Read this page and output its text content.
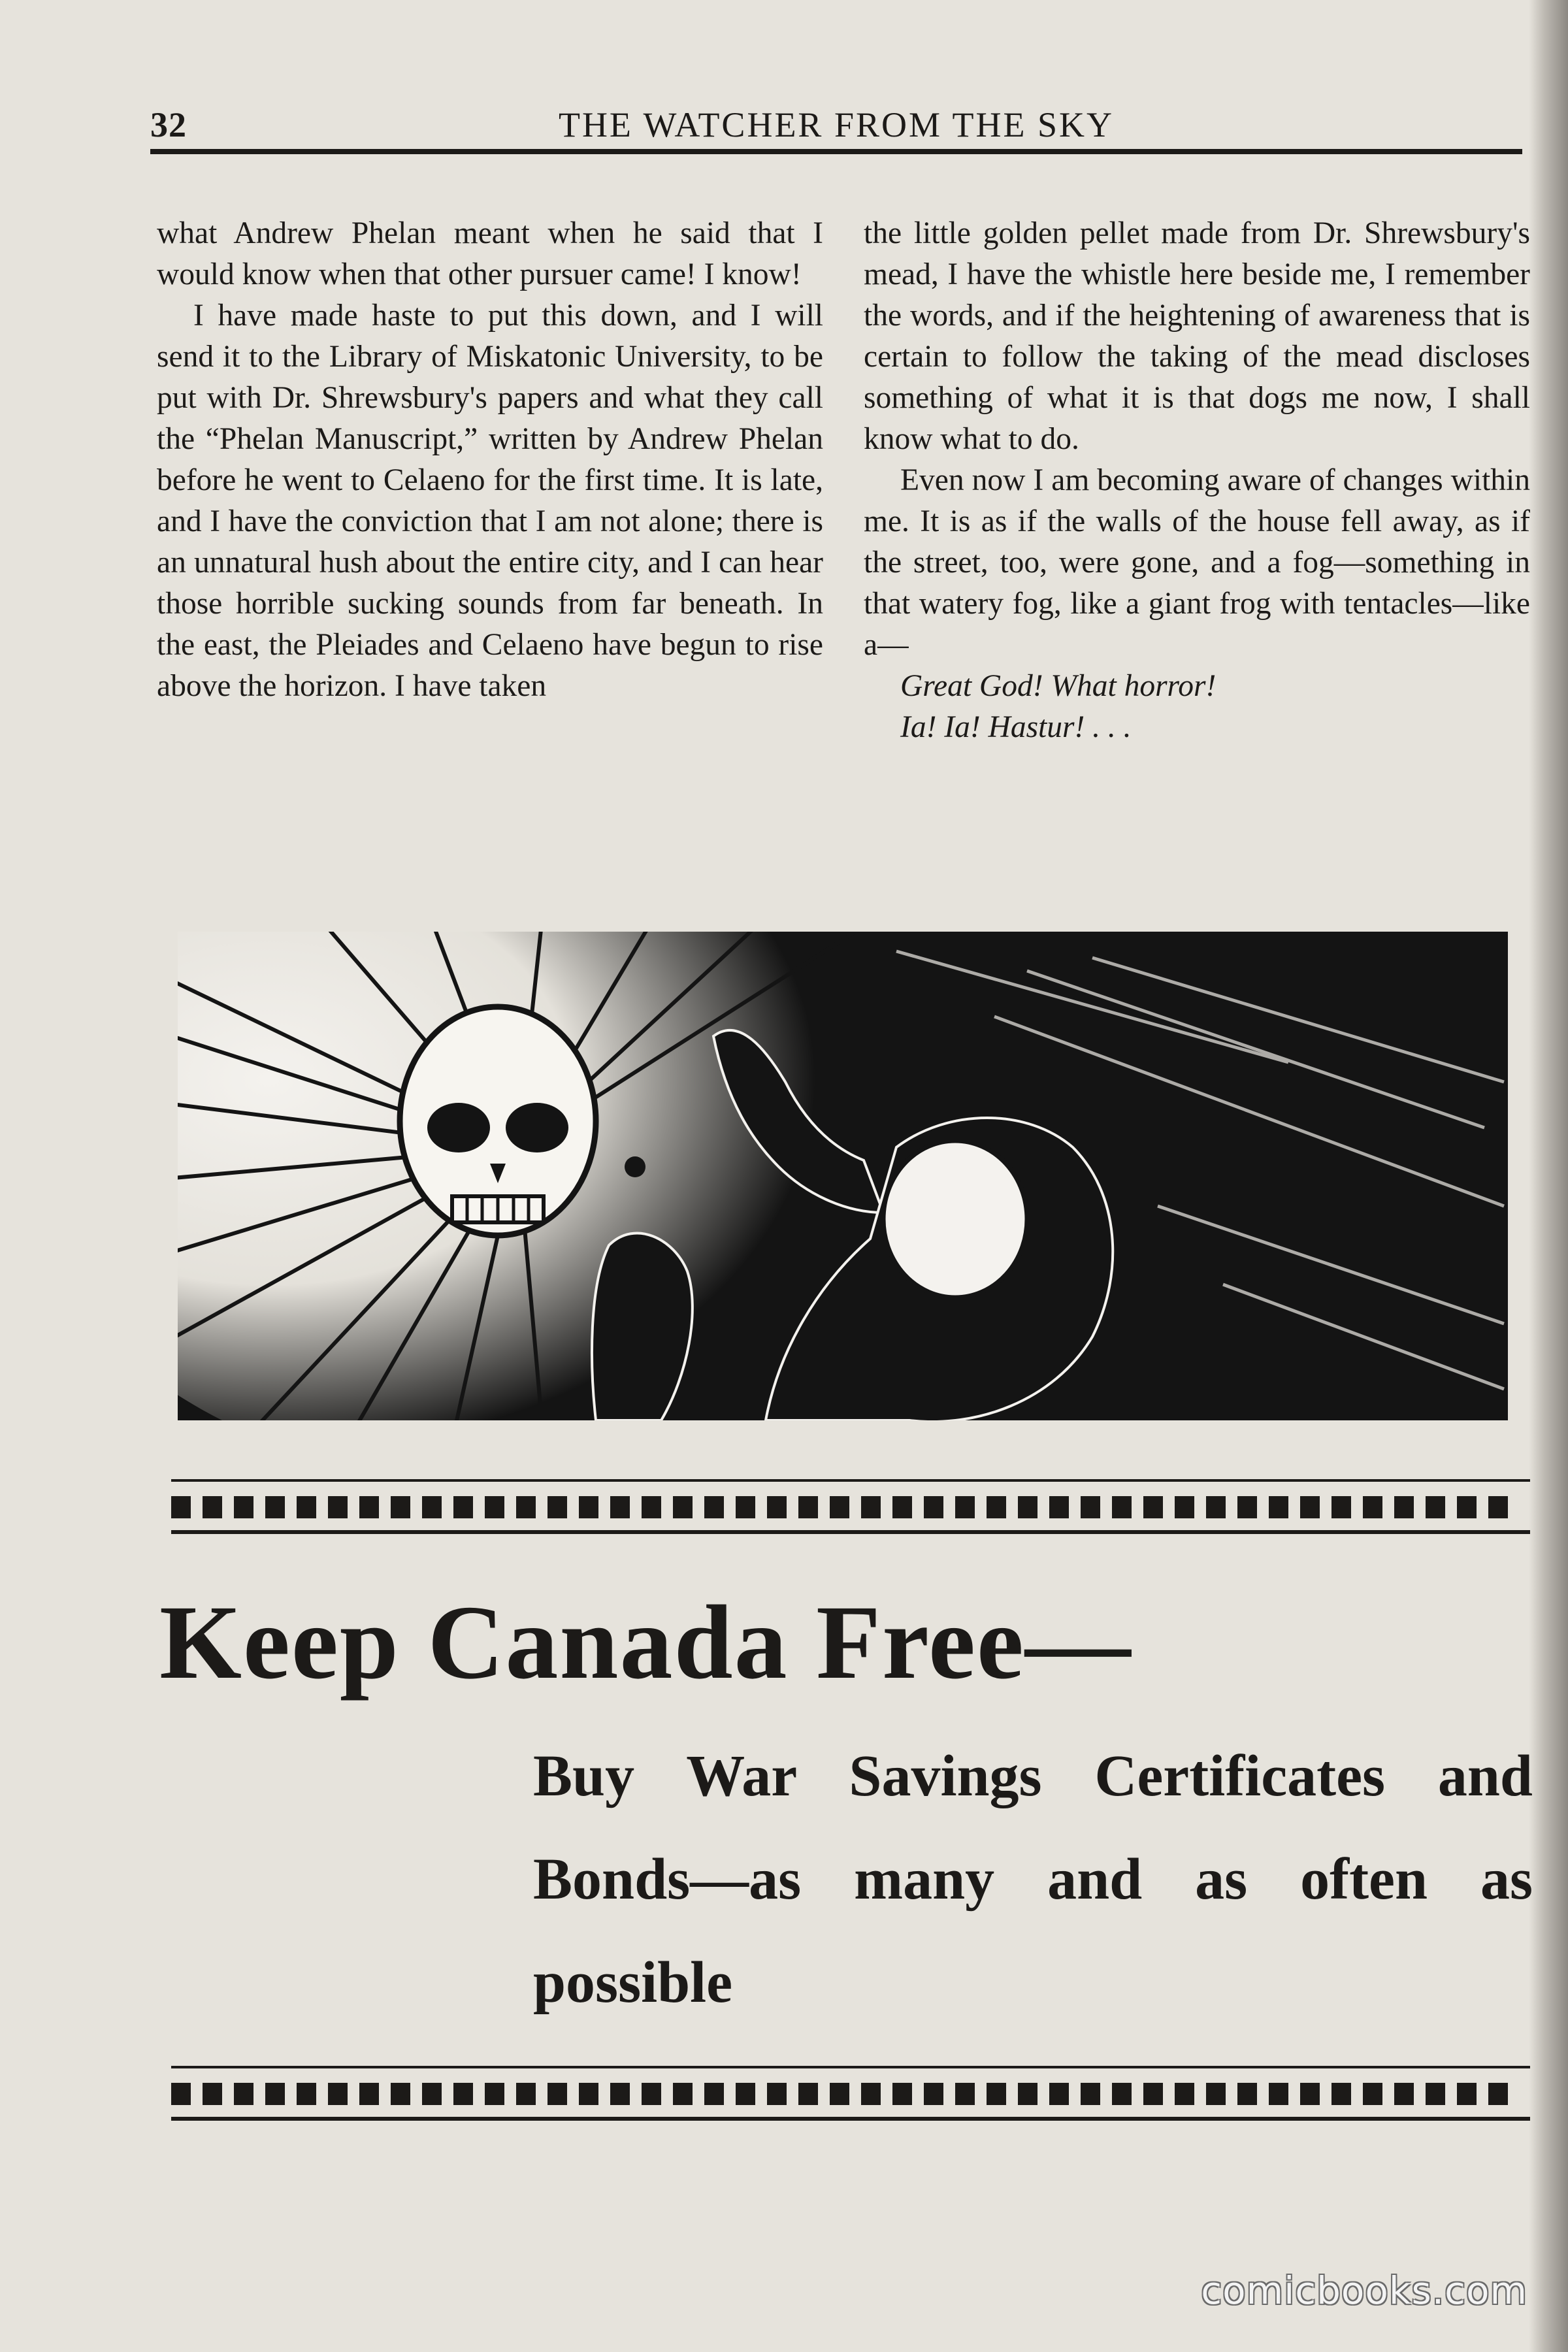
32	THE WATCHER FROM THE SKY

what Andrew Phelan meant when he said that I would know when that other pursuer came! I know!

I have made haste to put this down, and I will send it to the Library of Miskatonic University, to be put with Dr. Shrewsbury's papers and what they call the “Phelan Manuscript,” written by Andrew Phelan before he went to Celaeno for the first time. It is late, and I have the conviction that I am not alone; there is an unnatural hush about the entire city, and I can hear those horrible sucking sounds from far beneath. In the east, the Pleiades and Celaeno have begun to rise above the horizon. I have taken

the little golden pellet made from Dr. Shrewsbury's mead, I have the whistle here beside me, I remember the words, and if the heightening of awareness that is certain to follow the taking of the mead discloses something of what it is that dogs me now, I shall know what to do.

Even now I am becoming aware of changes within me. It is as if the walls of the house fell away, as if the street, too, were gone, and a fog—something in that watery fog, like a giant frog with tentacles—like a—

Great God! What horror!

Ia! Ia! Hastur! . . .

Keep Canada Free—
Buy War Savings Certificates and Bonds—as many and as often as possible
comicbooks.com
